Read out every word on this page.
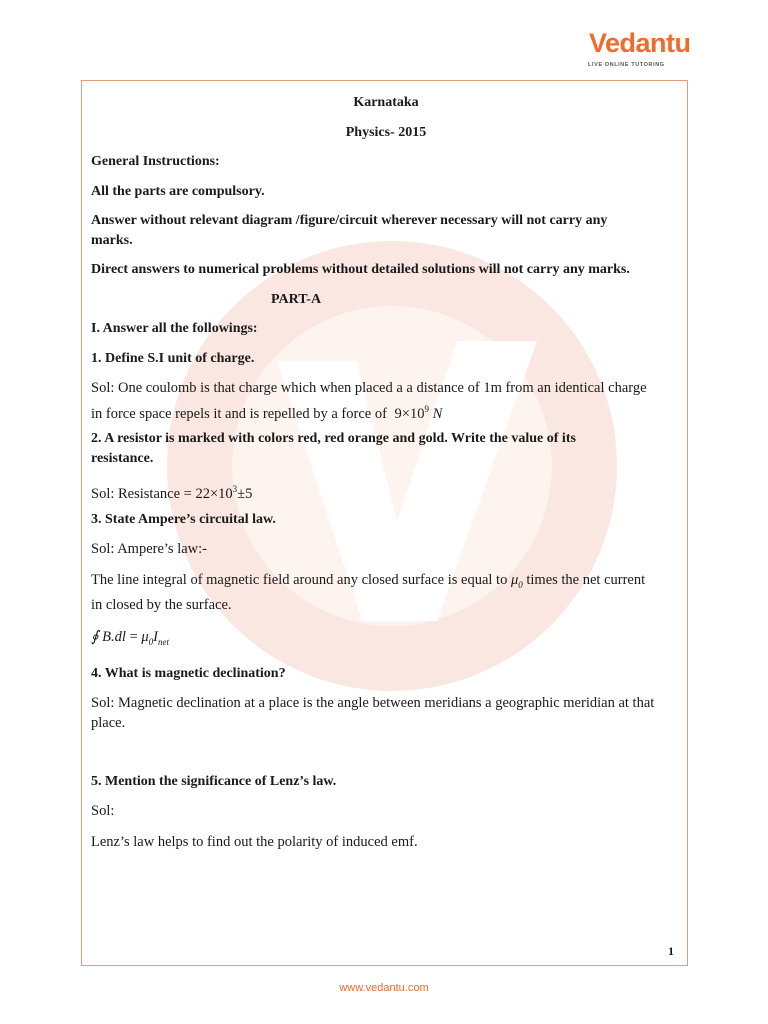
Vedantu
LIVE ONLINE TUTORING
Karnataka
Physics- 2015
General Instructions:
All the parts are compulsory.
Answer without relevant diagram /figure/circuit wherever necessary will not carry any
marks.
Direct answers to numerical problems without detailed solutions will not carry any marks.
PART-A
I. Answer all the followings:
1. Define S.I unit of charge.
Sol: One coulomb is that charge which when placed a a distance of 1m from an identical charge
in force space repels it and is repelled by a force of $9\times 10^9$ N
2. A resistor is marked with colors red, red orange and gold. Write the value of its
resistance.
Sol: Resistance = $22\times 10^3\pm 5$
3. State Ampere’s circuital law.
Sol: Ampere’s law:-
The line integral of magnetic field around any closed surface is equal to $\mu_0$ times the net current
in closed by the surface.
∮ $B.dl = \mu_0I_{net}$
4. What is magnetic declination?
Sol: Magnetic declination at a place is the angle between meridians a geographic meridian at that
place.
5. Mention the significance of Lenz’s law.
Sol:
Lenz’s law helps to find out the polarity of induced emf.
1
www.vedantu.com
